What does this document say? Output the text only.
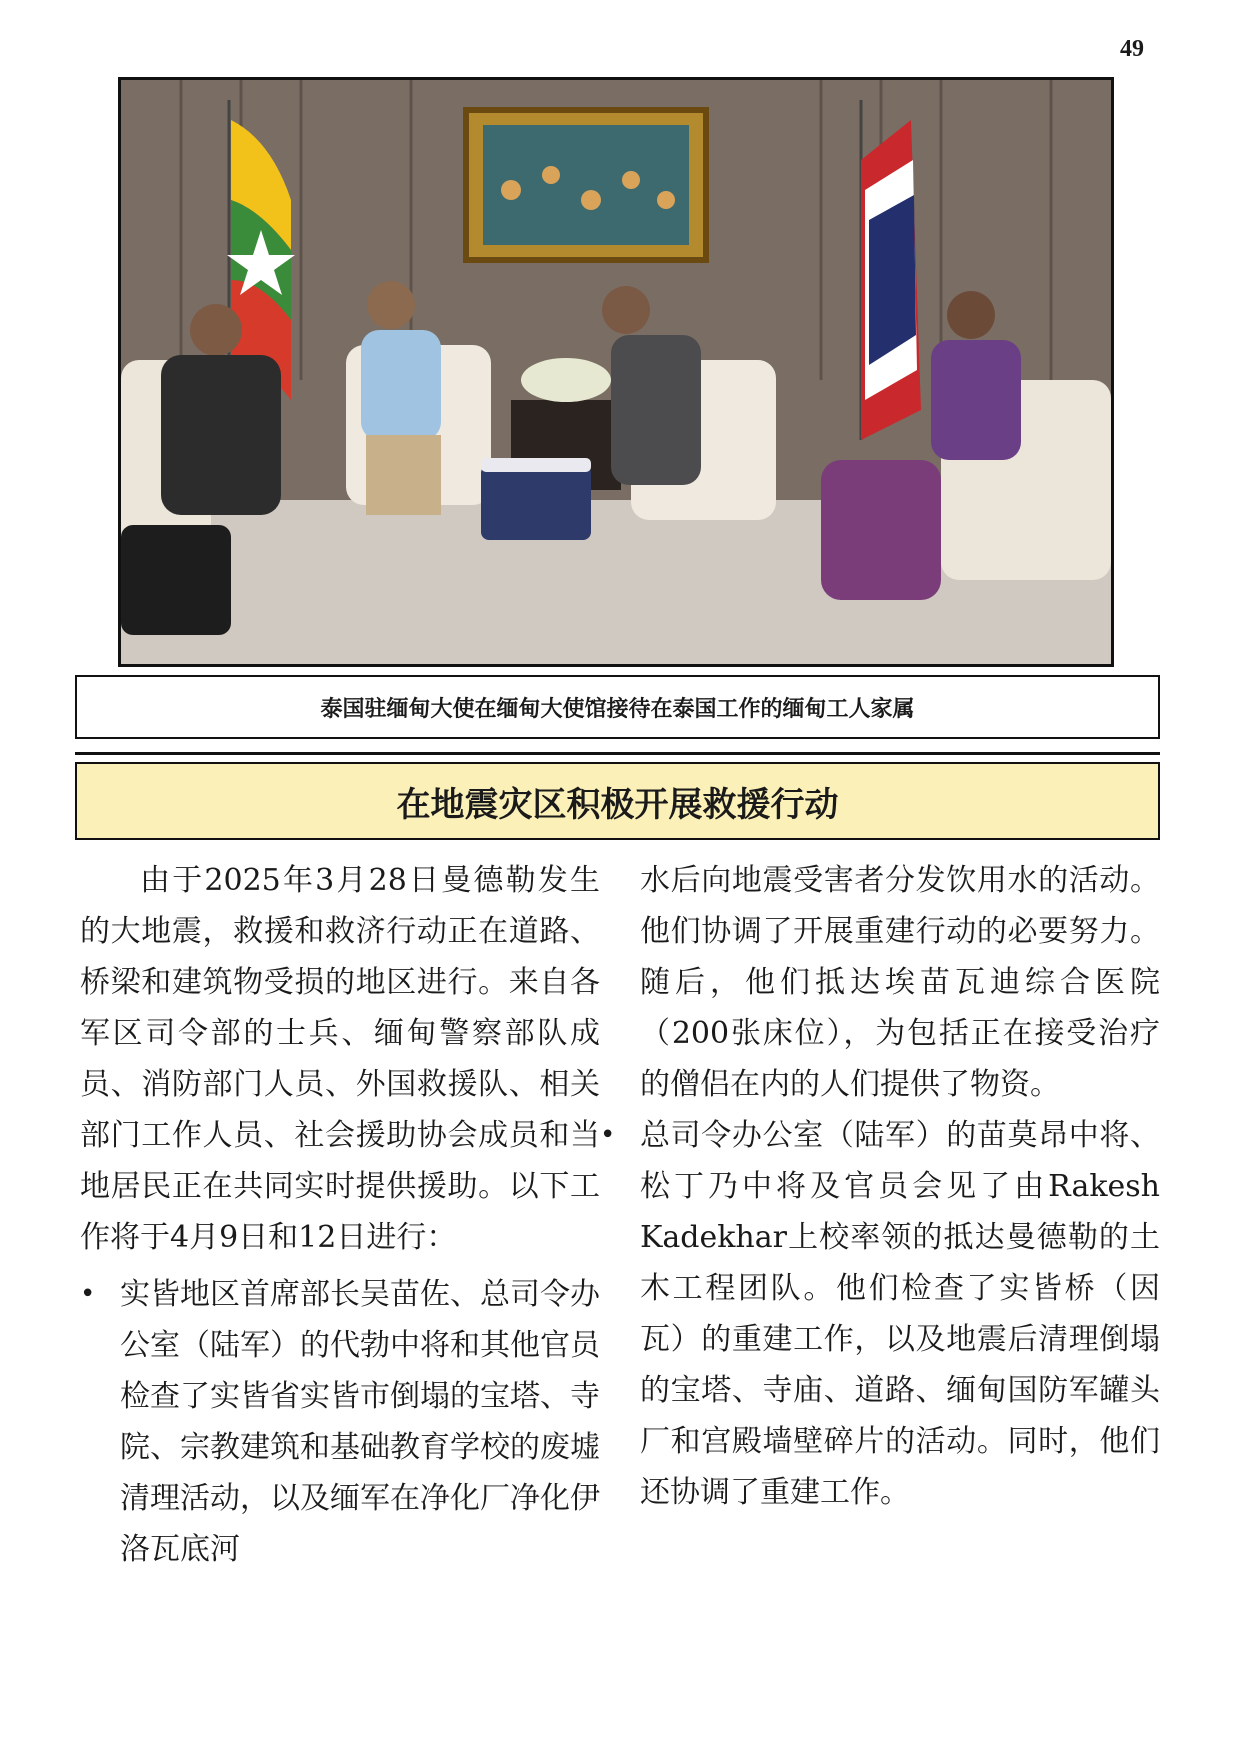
49
泰国驻缅甸大使在缅甸大使馆接待在泰国工作的缅甸工人家属
在地震灾区积极开展救援行动

由于2025年3月28日曼德勒发生的大地震，救援和救济行动正在道路、桥梁和建筑物受损的地区进行。来自各军区司令部的士兵、缅甸警察部队成员、消防部门人员、外国救援队、相关部门工作人员、社会援助协会成员和当地居民正在共同实时提供援助。以下工作将于4月9日和12日进行：

• 实皆地区首席部长吴苗佐、总司令办公室（陆军）的代勃中将和其他官员检查了实皆省实皆市倒塌的宝塔、寺院、宗教建筑和基础教育学校的废墟清理活动，以及缅军在净化厂净化伊洛瓦底河

水后向地震受害者分发饮用水的活动。他们协调了开展重建行动的必要努力。随后，他们抵达埃苗瓦迪综合医院（200张床位），为包括正在接受治疗的僧侣在内的人们提供了物资。

• 总司令办公室（陆军）的苗莫昂中将、松丁乃中将及官员会见了由Rakesh Kadekhar上校率领的抵达曼德勒的土木工程团队。他们检查了实皆桥（因瓦）的重建工作，以及地震后清理倒塌的宝塔、寺庙、道路、缅甸国防军罐头厂和宫殿墙壁碎片的活动。同时，他们还协调了重建工作。
